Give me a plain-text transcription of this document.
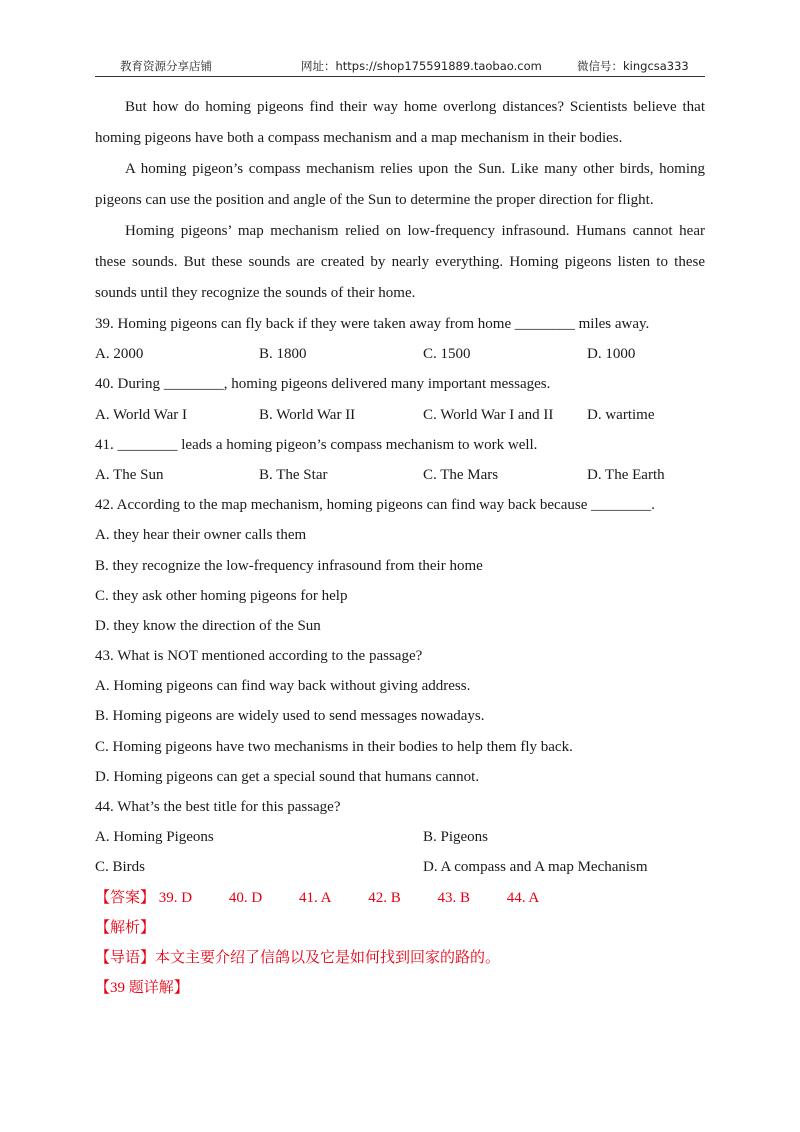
教育资源分享店铺	网址：https://shop175591889.taobao.com	微信号：kingcsa333

But how do homing pigeons find their way home overlong distances? Scientists believe that homing pigeons have both a compass mechanism and a map mechanism in their bodies.

A homing pigeon’s compass mechanism relies upon the Sun. Like many other birds, homing pigeons can use the position and angle of the Sun to determine the proper direction for flight.

Homing pigeons’ map mechanism relied on low-frequency infrasound. Humans cannot hear these sounds. But these sounds are created by nearly everything. Homing pigeons listen to these sounds until they recognize the sounds of their home.

39. Homing pigeons can fly back if they were taken away from home ________ miles away.
A. 2000	B. 1800	C. 1500	D. 1000
40. During ________, homing pigeons delivered many important messages.
A. World War I	B. World War II	C. World War I and II D. wartime
41. ________ leads a homing pigeon’s compass mechanism to work well.
A. The Sun	B. The Star	C. The Mars	D. The Earth
42. According to the map mechanism, homing pigeons can find way back because ________.
A. they hear their owner calls them
B. they recognize the low-frequency infrasound from their home
C. they ask other homing pigeons for help
D. they know the direction of the Sun
43. What is NOT mentioned according to the passage?
A. Homing pigeons can find way back without giving address.
B. Homing pigeons are widely used to send messages nowadays.
C. Homing pigeons have two mechanisms in their bodies to help them fly back.
D. Homing pigeons can get a special sound that humans cannot.
44. What’s the best title for this passage?
A. Homing Pigeons	B. Pigeons
C. Birds	D. A compass and A map Mechanism
【答案】 39. D 40. D 41. A 42. B 43. B 44. A
【解析】
【导语】本文主要介绍了信鸽以及它是如何找到回家的路的。
【39 题详解】
